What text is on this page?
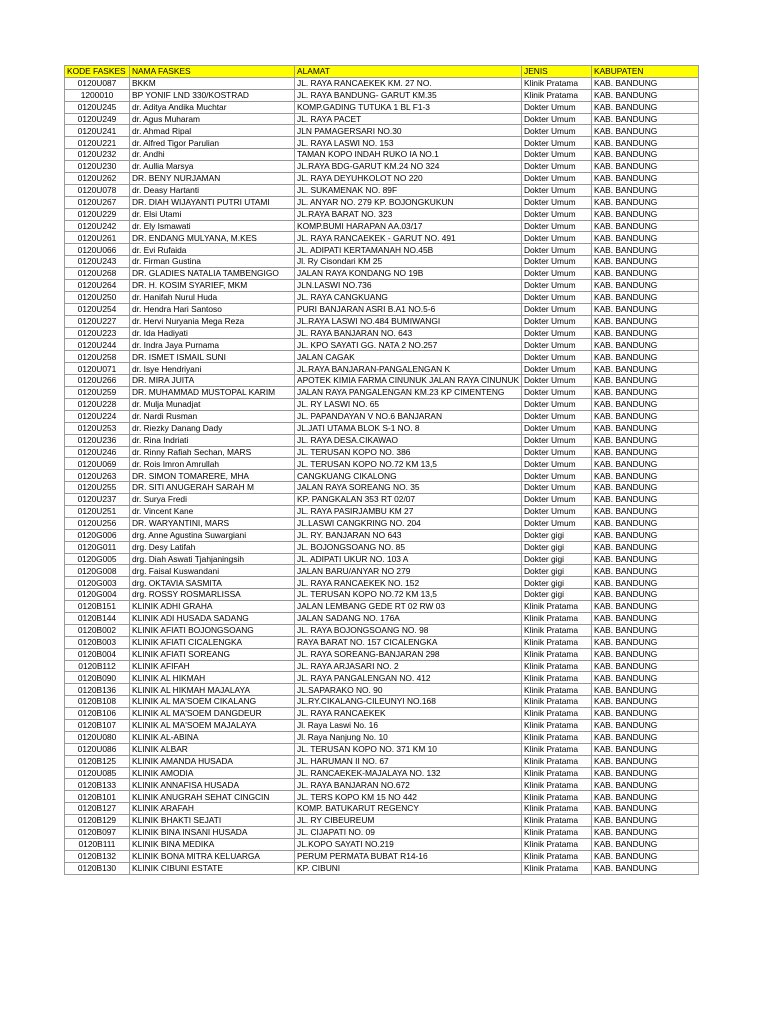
KODE FASKES	NAMA FASKES	ALAMAT	JENIS	KABUPATEN
0120U087	BKKM	JL. RAYA RANCAEKEK KM. 27 NO.	Klinik Pratama	KAB. BANDUNG
1200010	BP YONIF LND 330/KOSTRAD	JL. RAYA BANDUNG- GARUT KM.35	Klinik Pratama	KAB. BANDUNG
0120U245	dr. Aditya Andika Muchtar	KOMP.GADING TUTUKA 1 BL F1-3	Dokter Umum	KAB. BANDUNG
0120U249	dr. Agus Muharam	JL. RAYA PACET	Dokter Umum	KAB. BANDUNG
0120U241	dr. Ahmad Ripal	JLN PAMAGERSARI NO.30	Dokter Umum	KAB. BANDUNG
0120U221	dr. Alfred Tigor Parulian	JL. RAYA LASWI NO. 153	Dokter Umum	KAB. BANDUNG
0120U232	dr. Andhi	TAMAN KOPO INDAH RUKO IA NO.1	Dokter Umum	KAB. BANDUNG
0120U230	dr. Aullia Marsya	JL.RAYA BDG-GARUT KM.24 NO 324	Dokter Umum	KAB. BANDUNG
0120U262	DR. BENY NURJAMAN	JL. RAYA DEYUHKOLOT NO 220	Dokter Umum	KAB. BANDUNG
0120U078	dr. Deasy Hartanti	JL. SUKAMENAK NO. 89F	Dokter Umum	KAB. BANDUNG
0120U267	DR. DIAH WIJAYANTI PUTRI UTAMI	JL. ANYAR NO. 279 KP. BOJONGKUKUN	Dokter Umum	KAB. BANDUNG
0120U229	dr. Elsi Utami	JL.RAYA BARAT NO. 323	Dokter Umum	KAB. BANDUNG
0120U242	dr. Ely Ismawati	KOMP.BUMI HARAPAN AA.03/17	Dokter Umum	KAB. BANDUNG
0120U261	DR. ENDANG MULYANA, M.KES	JL. RAYA RANCAEKEK - GARUT NO. 491	Dokter Umum	KAB. BANDUNG
0120U066	dr. Evi Rufaida	JL. ADIPATI KERTAMANAH NO.45B	Dokter Umum	KAB. BANDUNG
0120U243	dr. Firman Gustina	Jl. Ry Cisondari KM 25	Dokter Umum	KAB. BANDUNG
0120U268	DR. GLADIES NATALIA TAMBENGIGO	JALAN RAYA KONDANG NO 19B	Dokter Umum	KAB. BANDUNG
0120U264	DR. H. KOSIM SYARIEF, MKM	JLN.LASWI NO.736	Dokter Umum	KAB. BANDUNG
0120U250	dr. Hanifah Nurul Huda	JL. RAYA CANGKUANG	Dokter Umum	KAB. BANDUNG
0120U254	dr. Hendra Hari Santoso	PURI BANJARAN ASRI B.A1 NO.5-6	Dokter Umum	KAB. BANDUNG
0120U227	dr. Hervi Nuryania Mega Reza	JL.RAYA LASWI NO.484 BUMIWANGI	Dokter Umum	KAB. BANDUNG
0120U223	dr. Ida Hadiyati	JL. RAYA BANJARAN NO. 643	Dokter Umum	KAB. BANDUNG
0120U244	dr. Indra Jaya Purnama	JL. KPO SAYATI GG. NATA 2 NO.257	Dokter Umum	KAB. BANDUNG
0120U258	DR. ISMET ISMAIL SUNI	JALAN CAGAK	Dokter Umum	KAB. BANDUNG
0120U071	dr. Isye Hendriyani	JL.RAYA BANJARAN-PANGALENGAN K	Dokter Umum	KAB. BANDUNG
0120U266	DR. MIRA JUITA	APOTEK KIMIA FARMA CINUNUK JALAN RAYA CINUNUK	Dokter Umum	KAB. BANDUNG
0120U259	DR. MUHAMMAD MUSTOPAL KARIM	JALAN RAYA PANGALENGAN KM.23 KP CIMENTENG	Dokter Umum	KAB. BANDUNG
0120U228	dr. Mulja Munadjat	JL. RY LASWI NO. 65	Dokter Umum	KAB. BANDUNG
0120U224	dr. Nardi Rusman	JL. PAPANDAYAN V NO.6 BANJARAN	Dokter Umum	KAB. BANDUNG
0120U253	dr. Riezky Danang Dady	JL.JATI UTAMA BLOK S-1 NO. 8	Dokter Umum	KAB. BANDUNG
0120U236	dr. Rina Indriati	JL. RAYA DESA.CIKAWAO	Dokter Umum	KAB. BANDUNG
0120U246	dr. Rinny Rafiah Sechan, MARS	JL. TERUSAN KOPO NO. 386	Dokter Umum	KAB. BANDUNG
0120U069	dr. Rois Imron Amrullah	JL. TERUSAN KOPO NO.72 KM 13,5	Dokter Umum	KAB. BANDUNG
0120U263	DR. SIMON TOMARERE, MHA	CANGKUANG CIKALONG	Dokter Umum	KAB. BANDUNG
0120U255	DR. SITI ANUGERAH SARAH M	JALAN RAYA SOREANG NO. 35	Dokter Umum	KAB. BANDUNG
0120U237	dr. Surya Fredi	KP. PANGKALAN 353 RT 02/07	Dokter Umum	KAB. BANDUNG
0120U251	dr. Vincent Kane	JL. RAYA PASIRJAMBU KM 27	Dokter Umum	KAB. BANDUNG
0120U256	DR. WARYANTINI, MARS	JL.LASWI CANGKRING NO. 204	Dokter Umum	KAB. BANDUNG
0120G006	drg. Anne Agustina Suwargiani	JL. RY. BANJARAN NO 643	Dokter gigi	KAB. BANDUNG
0120G011	drg. Desy Latifah	JL. BOJONGSOANG NO. 85	Dokter gigi	KAB. BANDUNG
0120G005	drg. Diah Aswati Tjahjaningsih	JL. ADIPATI UKUR NO. 103 A	Dokter gigi	KAB. BANDUNG
0120G008	drg. Faisal Kuswandani	JALAN BARU/ANYAR NO 279	Dokter gigi	KAB. BANDUNG
0120G003	drg. OKTAVIA SASMITA	JL. RAYA RANCAEKEK NO. 152	Dokter gigi	KAB. BANDUNG
0120G004	drg. ROSSY ROSMARLISSA	JL. TERUSAN KOPO NO.72 KM 13,5	Dokter gigi	KAB. BANDUNG
0120B151	KLINIK ADHI GRAHA	JALAN LEMBANG GEDE RT 02 RW 03	Klinik Pratama	KAB. BANDUNG
0120B144	KLINIK ADI HUSADA SADANG	JALAN SADANG NO. 176A	Klinik Pratama	KAB. BANDUNG
0120B002	KLINIK AFIATI BOJONGSOANG	JL. RAYA BOJONGSOANG NO. 98	Klinik Pratama	KAB. BANDUNG
0120B003	KLINIK AFIATI CICALENGKA	RAYA BARAT NO. 157 CICALENGKA	Klinik Pratama	KAB. BANDUNG
0120B004	KLINIK AFIATI SOREANG	JL. RAYA SOREANG-BANJARAN 298	Klinik Pratama	KAB. BANDUNG
0120B112	KLINIK AFIFAH	JL. RAYA ARJASARI NO. 2	Klinik Pratama	KAB. BANDUNG
0120B090	KLINIK AL HIKMAH	JL. RAYA PANGALENGAN NO. 412	Klinik Pratama	KAB. BANDUNG
0120B136	KLINIK AL HIKMAH MAJALAYA	JL.SAPARAKO NO. 90	Klinik Pratama	KAB. BANDUNG
0120B108	KLINIK AL MA'SOEM CIKALANG	JL.RY.CIKALANG-CILEUNYI NO.168	Klinik Pratama	KAB. BANDUNG
0120B106	KLINIK AL MA'SOEM DANGDEUR	JL. RAYA RANCAEKEK	Klinik Pratama	KAB. BANDUNG
0120B107	KLINIK AL MA'SOEM MAJALAYA	Jl. Raya Laswi No. 16	Klinik Pratama	KAB. BANDUNG
0120U080	KLINIK AL-ABINA	Jl. Raya Nanjung No. 10	Klinik Pratama	KAB. BANDUNG
0120U086	KLINIK ALBAR	JL. TERUSAN KOPO NO. 371 KM 10	Klinik Pratama	KAB. BANDUNG
0120B125	KLINIK AMANDA HUSADA	JL. HARUMAN II NO. 67	Klinik Pratama	KAB. BANDUNG
0120U085	KLINIK AMODIA	JL. RANCAEKEK-MAJALAYA NO. 132	Klinik Pratama	KAB. BANDUNG
0120B133	KLINIK ANNAFISA HUSADA	JL. RAYA BANJARAN NO.672	Klinik Pratama	KAB. BANDUNG
0120B101	KLINIK ANUGRAH SEHAT CINGCIN	JL. TERS KOPO KM 15 NO 442	Klinik Pratama	KAB. BANDUNG
0120B127	KLINIK ARAFAH	KOMP. BATUKARUT REGENCY	Klinik Pratama	KAB. BANDUNG
0120B129	KLINIK BHAKTI SEJATI	JL. RY CIBEUREUM	Klinik Pratama	KAB. BANDUNG
0120B097	KLINIK BINA INSANI HUSADA	JL. CIJAPATI NO. 09	Klinik Pratama	KAB. BANDUNG
0120B111	KLINIK BINA MEDIKA	JL.KOPO SAYATI NO.219	Klinik Pratama	KAB. BANDUNG
0120B132	KLINIK BONA MITRA KELUARGA	PERUM PERMATA BUBAT R14-16	Klinik Pratama	KAB. BANDUNG
0120B130	KLINIK CIBUNI ESTATE	KP. CIBUNI	Klinik Pratama	KAB. BANDUNG
